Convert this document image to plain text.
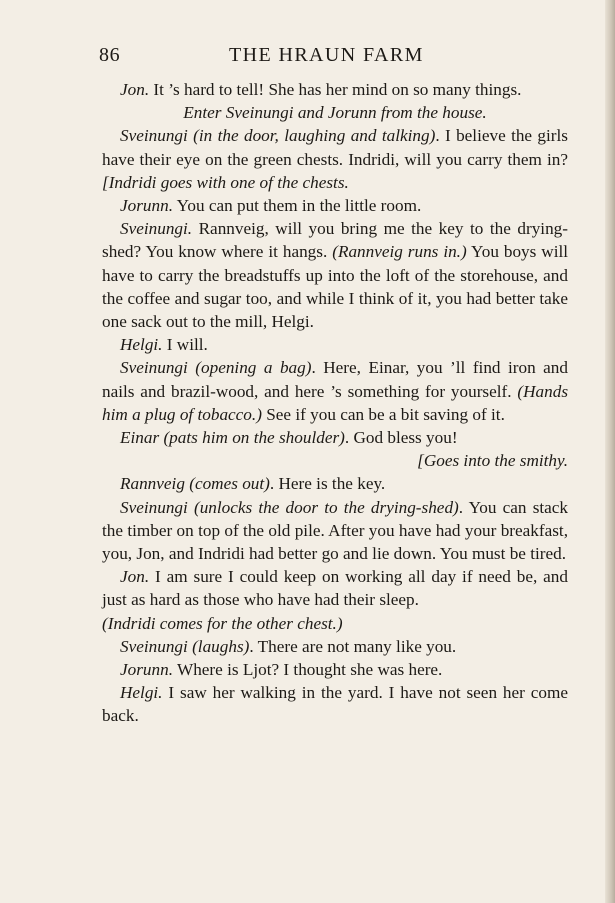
86	THE HRAUN FARM

Jon. It ’s hard to tell! She has her mind on so many things.

Enter Sveinungi and Jorunn from the house.

Sveinungi (in the door, laughing and talking). I believe the girls have their eye on the green chests. Indridi, will you carry them in? [Indridi goes with one of the chests.

Jorunn. You can put them in the little room.

Sveinungi. Rannveig, will you bring me the key to the drying-shed? You know where it hangs. (Rannveig runs in.) You boys will have to carry the breadstuffs up into the loft of the storehouse, and the coffee and sugar too, and while I think of it, you had better take one sack out to the mill, Helgi.

Helgi. I will.

Sveinungi (opening a bag). Here, Einar, you ’ll find iron and nails and brazil-wood, and here ’s something for yourself. (Hands him a plug of tobacco.) See if you can be a bit saving of it.

Einar (pats him on the shoulder). God bless you!

[Goes into the smithy.

Rannveig (comes out). Here is the key.

Sveinungi (unlocks the door to the drying-shed). You can stack the timber on top of the old pile. After you have had your breakfast, you, Jon, and Indridi had better go and lie down. You must be tired.

Jon. I am sure I could keep on working all day if need be, and just as hard as those who have had their sleep.

(Indridi comes for the other chest.)

Sveinungi (laughs). There are not many like you.

Jorunn. Where is Ljot? I thought she was here.

Helgi. I saw her walking in the yard. I have not seen her come back.
